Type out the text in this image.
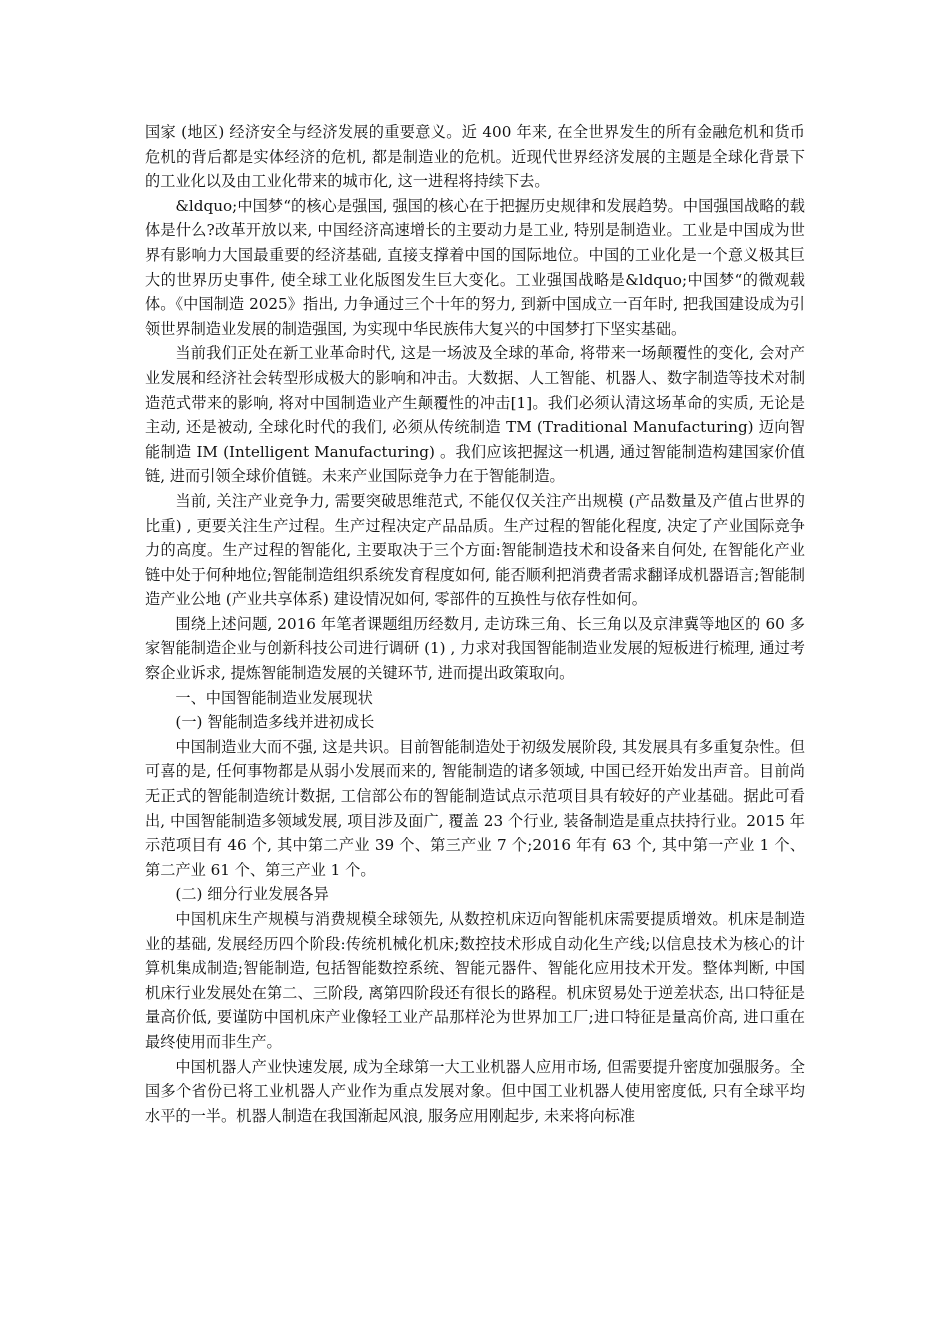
国家 (地区) 经济安全与经济发展的重要意义。近 400 年来, 在全世界发生的所有金融危机和货币危机的背后都是实体经济的危机, 都是制造业的危机。近现代世界经济发展的主题是全球化背景下的工业化以及由工业化带来的城市化, 这一进程将持续下去。

&ldquo;中国梦“的核心是强国, 强国的核心在于把握历史规律和发展趋势。中国强国战略的载体是什么?改革开放以来, 中国经济高速增长的主要动力是工业, 特别是制造业。工业是中国成为世界有影响力大国最重要的经济基础, 直接支撑着中国的国际地位。中国的工业化是一个意义极其巨大的世界历史事件, 使全球工业化版图发生巨大变化。工业强国战略是&ldquo;中国梦“的微观载体。《中国制造 2025》指出, 力争通过三个十年的努力, 到新中国成立一百年时, 把我国建设成为引领世界制造业发展的制造强国, 为实现中华民族伟大复兴的中国梦打下坚实基础。

当前我们正处在新工业革命时代, 这是一场波及全球的革命, 将带来一场颠覆性的变化, 会对产业发展和经济社会转型形成极大的影响和冲击。大数据、人工智能、机器人、数字制造等技术对制造范式带来的影响, 将对中国制造业产生颠覆性的冲击[1]。我们必须认清这场革命的实质, 无论是主动, 还是被动, 全球化时代的我们, 必须从传统制造 TM (Traditional Manufacturing) 迈向智能制造 IM (Intelligent Manufacturing) 。我们应该把握这一机遇, 通过智能制造构建国家价值链, 进而引领全球价值链。未来产业国际竞争力在于智能制造。

当前, 关注产业竞争力, 需要突破思维范式, 不能仅仅关注产出规模 (产品数量及产值占世界的比重) , 更要关注生产过程。生产过程决定产品品质。生产过程的智能化程度, 决定了产业国际竞争力的高度。生产过程的智能化, 主要取决于三个方面:智能制造技术和设备来自何处, 在智能化产业链中处于何种地位;智能制造组织系统发育程度如何, 能否顺利把消费者需求翻译成机器语言;智能制造产业公地 (产业共享体系) 建设情况如何, 零部件的互换性与依存性如何。

围绕上述问题, 2016 年笔者课题组历经数月, 走访珠三角、长三角以及京津冀等地区的 60 多家智能制造企业与创新科技公司进行调研 (1) , 力求对我国智能制造业发展的短板进行梳理, 通过考察企业诉求, 提炼智能制造发展的关键环节, 进而提出政策取向。

一、中国智能制造业发展现状

(一) 智能制造多线并进初成长

中国制造业大而不强, 这是共识。目前智能制造处于初级发展阶段, 其发展具有多重复杂性。但可喜的是, 任何事物都是从弱小发展而来的, 智能制造的诸多领域, 中国已经开始发出声音。目前尚无正式的智能制造统计数据, 工信部公布的智能制造试点示范项目具有较好的产业基础。据此可看出, 中国智能制造多领域发展, 项目涉及面广, 覆盖 23 个行业, 装备制造是重点扶持行业。2015 年示范项目有 46 个, 其中第二产业 39 个、第三产业 7 个;2016 年有 63 个, 其中第一产业 1 个、第二产业 61 个、第三产业 1 个。

(二) 细分行业发展各异

中国机床生产规模与消费规模全球领先, 从数控机床迈向智能机床需要提质增效。机床是制造业的基础, 发展经历四个阶段:传统机械化机床;数控技术形成自动化生产线;以信息技术为核心的计算机集成制造;智能制造, 包括智能数控系统、智能元器件、智能化应用技术开发。整体判断, 中国机床行业发展处在第二、三阶段, 离第四阶段还有很长的路程。机床贸易处于逆差状态, 出口特征是量高价低, 要谨防中国机床产业像轻工业产品那样沦为世界加工厂;进口特征是量高价高, 进口重在最终使用而非生产。

中国机器人产业快速发展, 成为全球第一大工业机器人应用市场, 但需要提升密度加强服务。全国多个省份已将工业机器人产业作为重点发展对象。但中国工业机器人使用密度低, 只有全球平均水平的一半。机器人制造在我国渐起风浪, 服务应用刚起步, 未来将向标准
